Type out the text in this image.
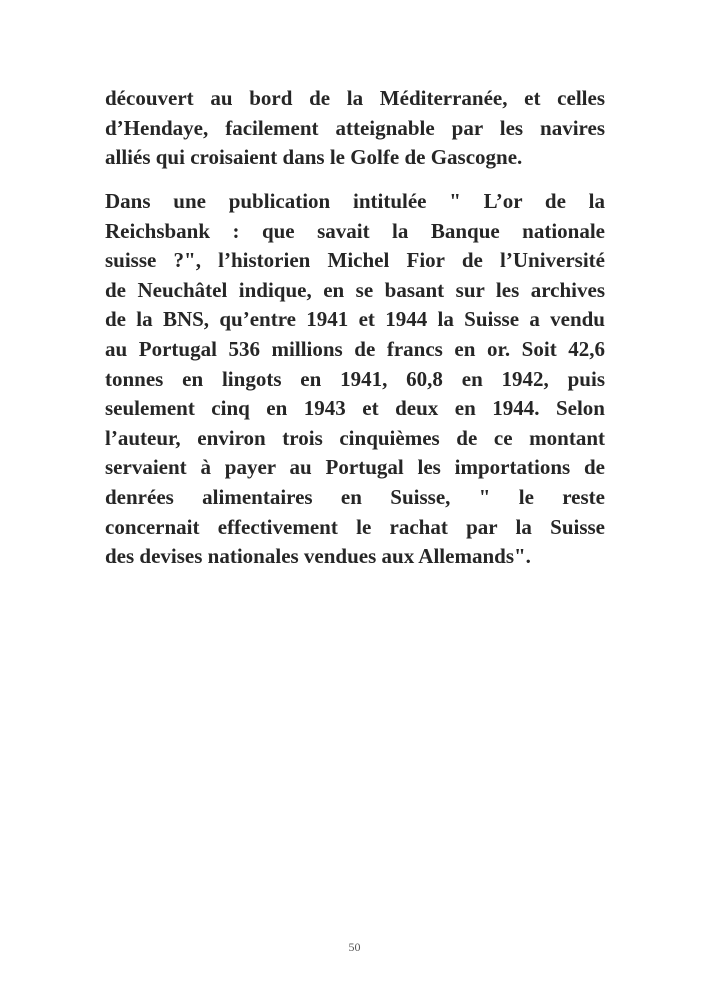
découvert au bord de la Méditerranée, et celles
d’Hendaye, facilement atteignable par les navires
alliés qui croisaient dans le Golfe de Gascogne.
Dans une publication intitulée " L’or de la
Reichsbank : que savait la Banque nationale
suisse ?", l’historien Michel Fior de l’Université
de Neuchâtel indique, en se basant sur les archives
de la BNS, qu’entre 1941 et 1944 la Suisse a vendu
au Portugal 536 millions de francs en or. Soit 42,6
tonnes en lingots en 1941, 60,8 en 1942, puis
seulement cinq en 1943 et deux en 1944. Selon
l’auteur, environ trois cinquièmes de ce montant
servaient à payer au Portugal les importations de
denrées alimentaires en Suisse, " le reste
concernait effectivement le rachat par la Suisse
des devises nationales vendues aux Allemands".
50
